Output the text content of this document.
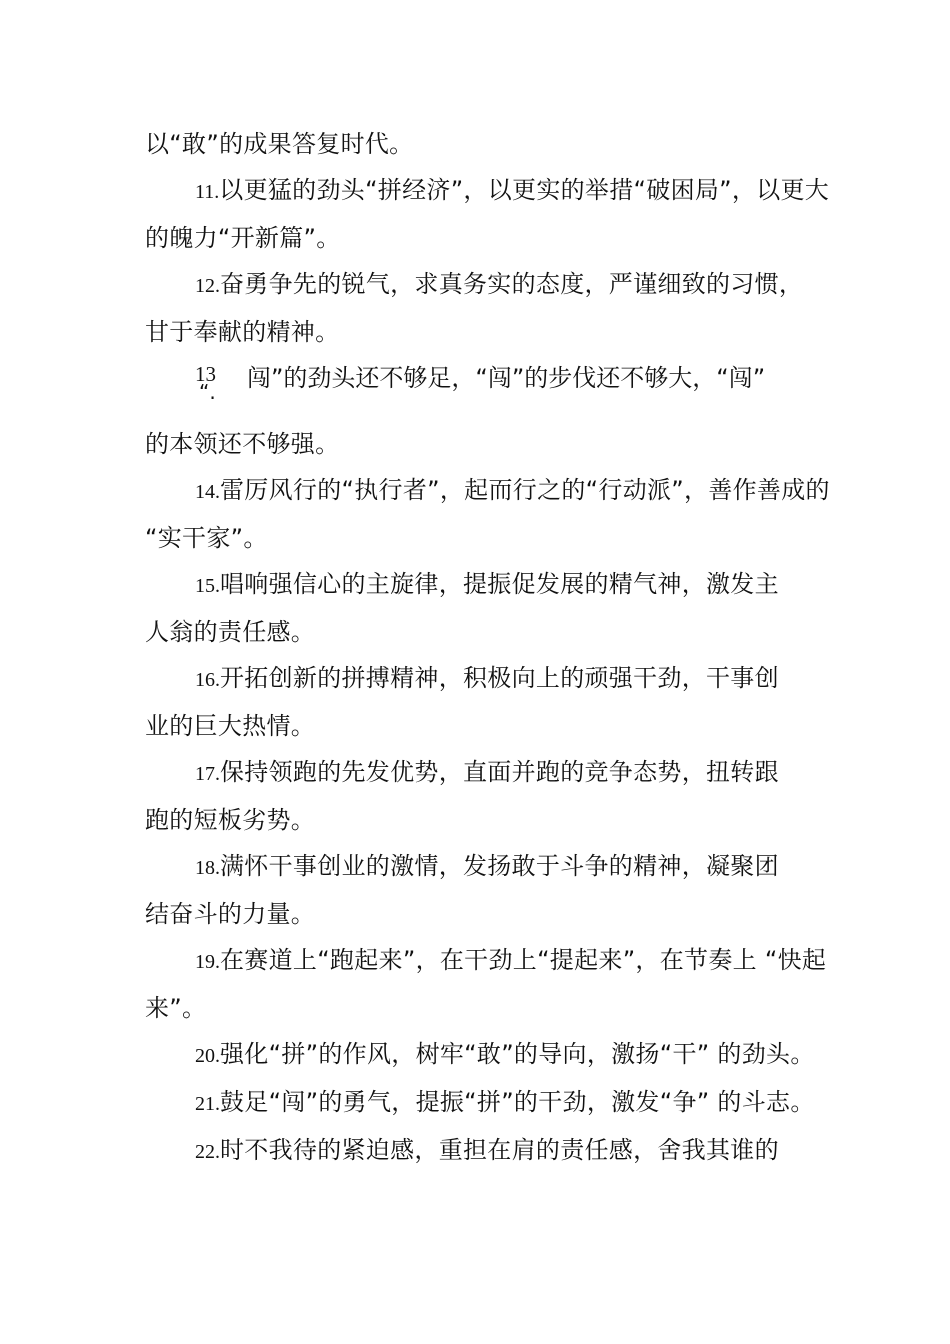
以“敢”的成果答复时代。
11.以更猛的劲头“拼经济”，以更实的举措“破困局”，以更大
的魄力“开新篇”。
12.奋勇争先的锐气，求真务实的态度，严谨细致的习惯，
甘于奉献的精神。
13
“. 闯”的劲头还不够足，“闯”的步伐还不够大，“闯”
的本领还不够强。
14.雷厉风行的“执行者”，起而行之的“行动派”，善作善成的
“实干家”。
15.唱响强信心的主旋律，提振促发展的精气神，激发主
人翁的责任感。
16.开拓创新的拼搏精神，积极向上的顽强干劲，干事创
业的巨大热情。
17.保持领跑的先发优势，直面并跑的竞争态势，扭转跟
跑的短板劣势。
18.满怀干事创业的激情，发扬敢于斗争的精神，凝聚团
结奋斗的力量。
19.在赛道上“跑起来”，在干劲上“提起来”，在节奏上 “快起
来”。
20.强化“拼”的作风，树牢“敢”的导向，激扬“干” 的劲头。
21.鼓足“闯”的勇气，提振“拼”的干劲，激发“争” 的斗志。
22.时不我待的紧迫感，重担在肩的责任感，舍我其谁的
